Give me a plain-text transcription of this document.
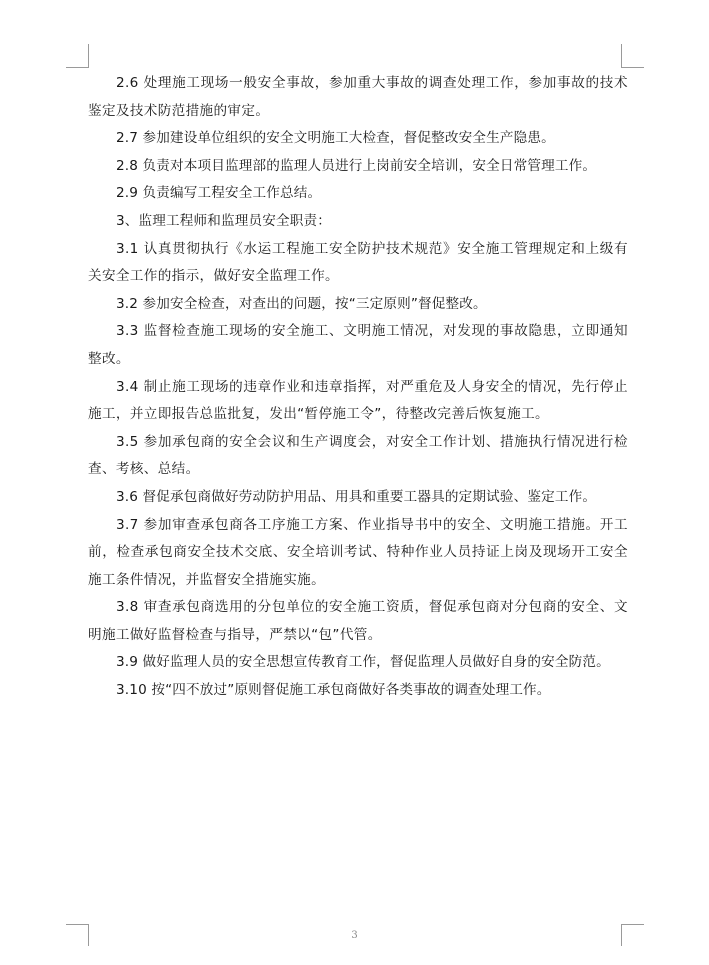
2.6 处理施工现场一般安全事故，参加重大事故的调查处理工作，参加事故的技术鉴定及技术防范措施的审定。

2.7 参加建设单位组织的安全文明施工大检查，督促整改安全生产隐患。

2.8 负责对本项目监理部的监理人员进行上岗前安全培训，安全日常管理工作。

2.9 负责编写工程安全工作总结。

3、监理工程师和监理员安全职责：

3.1 认真贯彻执行《水运工程施工安全防护技术规范》安全施工管理规定和上级有关安全工作的指示，做好安全监理工作。

3.2 参加安全检查，对查出的问题，按“三定原则”督促整改。

3.3 监督检查施工现场的安全施工、文明施工情况，对发现的事故隐患，立即通知整改。

3.4 制止施工现场的违章作业和违章指挥，对严重危及人身安全的情况，先行停止施工，并立即报告总监批复，发出“暂停施工令”，待整改完善后恢复施工。

3.5 参加承包商的安全会议和生产调度会，对安全工作计划、措施执行情况进行检查、考核、总结。

3.6 督促承包商做好劳动防护用品、用具和重要工器具的定期试验、鉴定工作。

3.7 参加审查承包商各工序施工方案、作业指导书中的安全、文明施工措施。开工前，检查承包商安全技术交底、安全培训考试、特种作业人员持证上岗及现场开工安全施工条件情况，并监督安全措施实施。

3.8 审查承包商选用的分包单位的安全施工资质，督促承包商对分包商的安全、文明施工做好监督检查与指导，严禁以“包”代管。

3.9 做好监理人员的安全思想宣传教育工作，督促监理人员做好自身的安全防范。

3.10 按“四不放过”原则督促施工承包商做好各类事故的调查处理工作。

3
